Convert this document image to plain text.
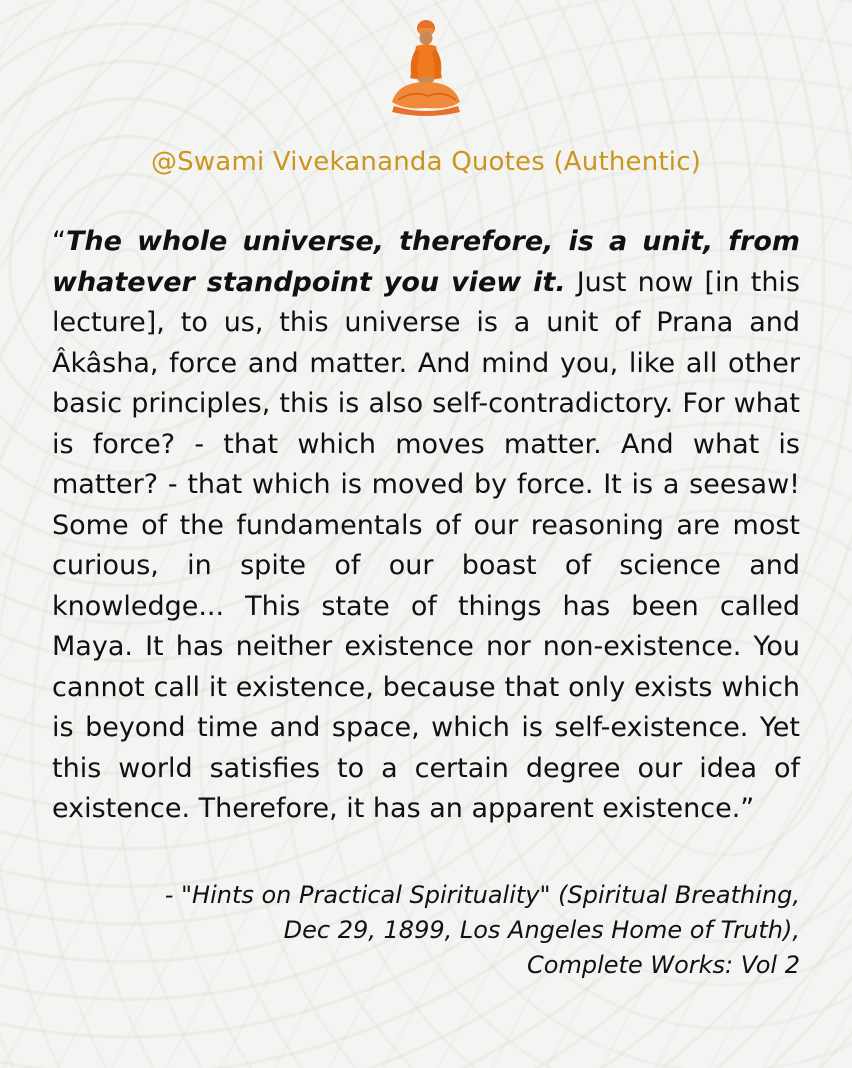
@Swami Vivekananda Quotes (Authentic)
“The whole universe, therefore, is a unit, from whatever standpoint you view it. Just now [in this lecture], to us, this universe is a unit of Prana and Âkâsha, force and matter. And mind you, like all other basic principles, this is also self-contradictory. For what is force? - that which moves matter. And what is matter? - that which is moved by force. It is a seesaw! Some of the fundamentals of our reasoning are most curious, in spite of our boast of science and knowledge... This state of things has been called Maya. It has neither existence nor non-existence. You cannot call it existence, because that only exists which is beyond time and space, which is self-existence. Yet this world satisfies to a certain degree our idea of existence. Therefore, it has an apparent existence.”
- "Hints on Practical Spirituality" (Spiritual Breathing,
Dec 29, 1899, Los Angeles Home of Truth),
Complete Works: Vol 2
